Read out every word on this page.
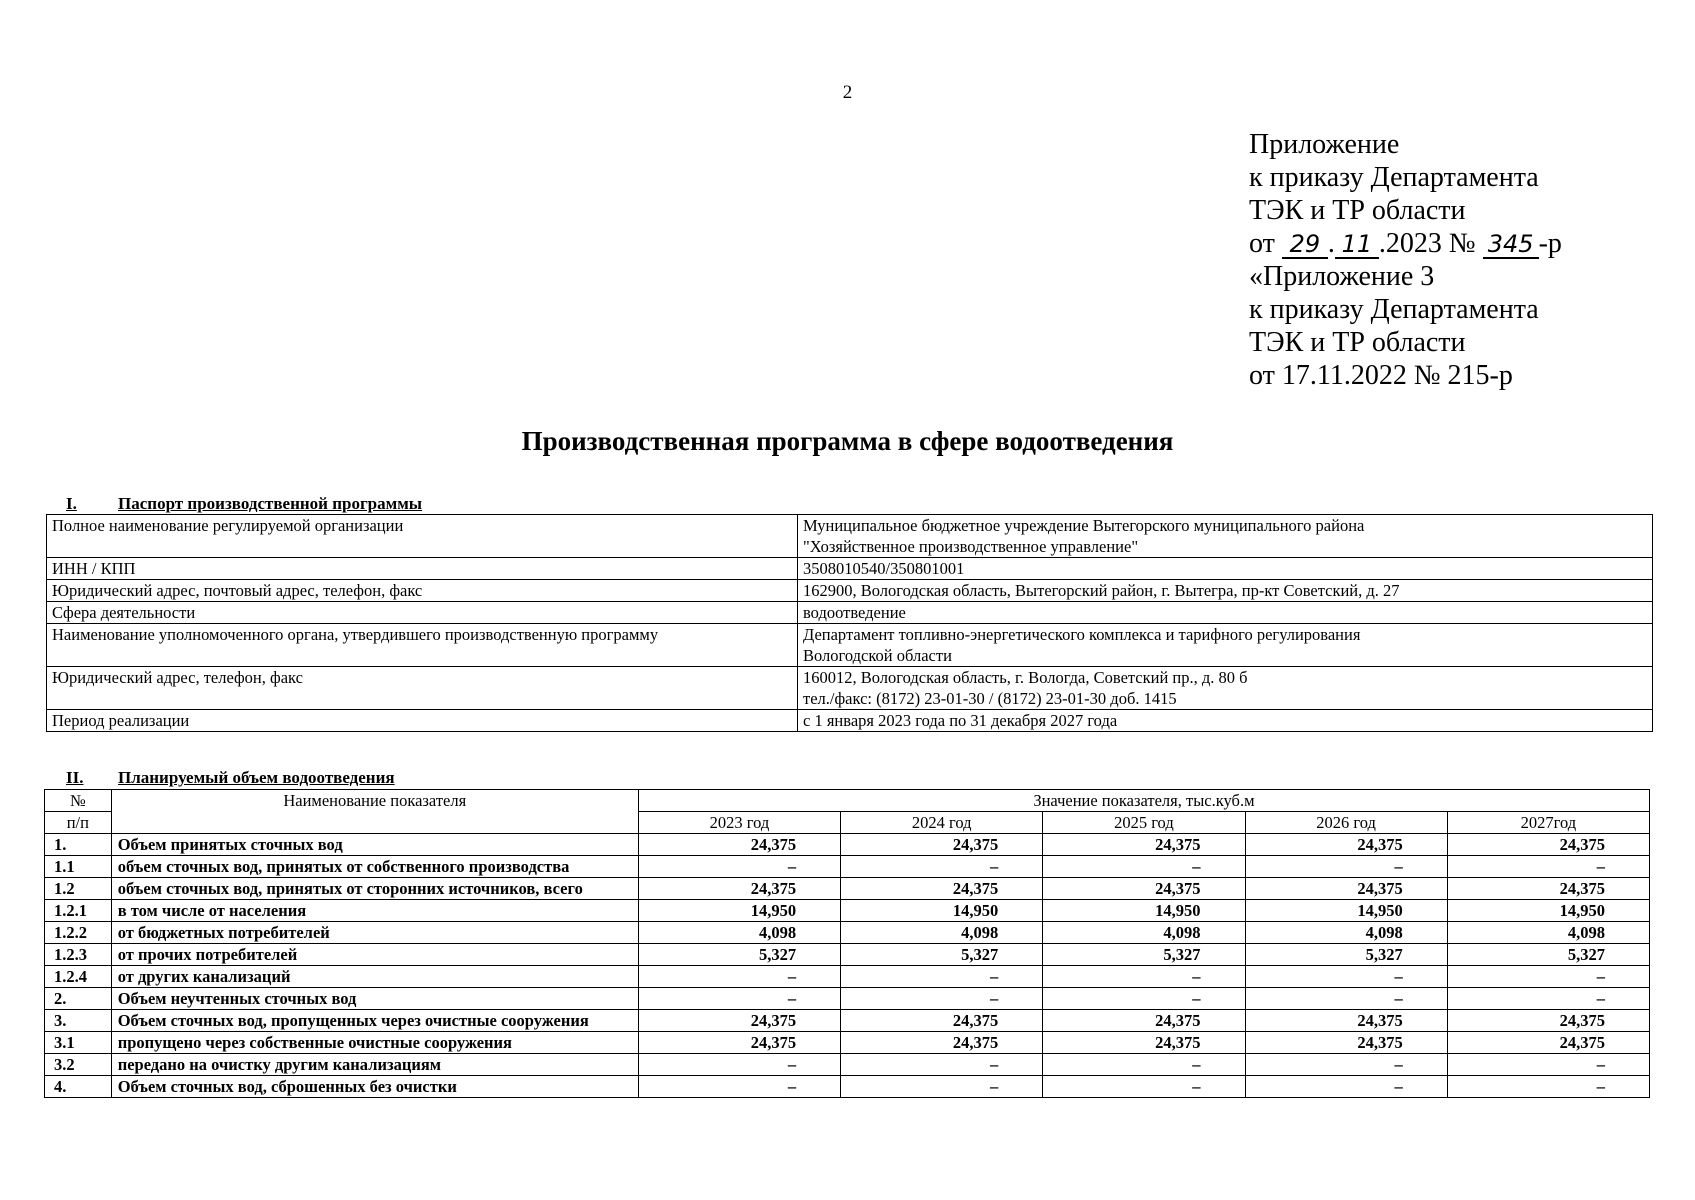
2
Приложение
к приказу Департамента
ТЭК и ТР области
от 29 . 11 .2023 № 345 -р
«Приложение 3
к приказу Департамента
ТЭК и ТР области
от 17.11.2022 № 215-р
Производственная программа в сфере водоотведения
I. Паспорт производственной программы
Полное наименование регулируемой организации	Муниципальное бюджетное учреждение Вытегорского муниципального района
"Хозяйственное производственное управление"

ИНН / КПП	3508010540/350801001

Юридический адрес, почтовый адрес, телефон, факс	162900, Вологодская область, Вытегорский район, г. Вытегра, пр-кт Советский, д. 27

Сфера деятельности	водоотведение

Наименование уполномоченного органа, утвердившего производственную программу	Департамент топливно-энергетического комплекса и тарифного регулирования
Вологодской области

Юридический адрес, телефон, факс	160012, Вологодская область, г. Вологда, Советский пр., д. 80 б
тел./факс: (8172) 23-01-30 / (8172) 23-01-30 доб. 1415

Период реализации	с 1 января 2023 года по 31 декабря 2027 года
II. Планируемый объем водоотведения
№	Наименование показателя	Значение показателя, тыс.куб.м				
п/п		2023 год	2024 год	2025 год	2026 год	2027год
1.	Объем принятых сточных вод	24,375	24,375	24,375	24,375	24,375
1.1	объем сточных вод, принятых от собственного производства	–	–	–	–	–
1.2	объем сточных вод, принятых от сторонних источников, всего	24,375	24,375	24,375	24,375	24,375
1.2.1	в том числе от населения	14,950	14,950	14,950	14,950	14,950
1.2.2	от бюджетных потребителей	4,098	4,098	4,098	4,098	4,098
1.2.3	от прочих потребителей	5,327	5,327	5,327	5,327	5,327
1.2.4	от других канализаций	–	–	–	–	–
2.	Объем неучтенных сточных вод	–	–	–	–	–
3.	Объем сточных вод, пропущенных через очистные сооружения	24,375	24,375	24,375	24,375	24,375
3.1	пропущено через собственные очистные сооружения	24,375	24,375	24,375	24,375	24,375
3.2	передано на очистку другим канализациям	–	–	–	–	–
4.	Объем сточных вод, сброшенных без очистки	–	–	–	–	–
